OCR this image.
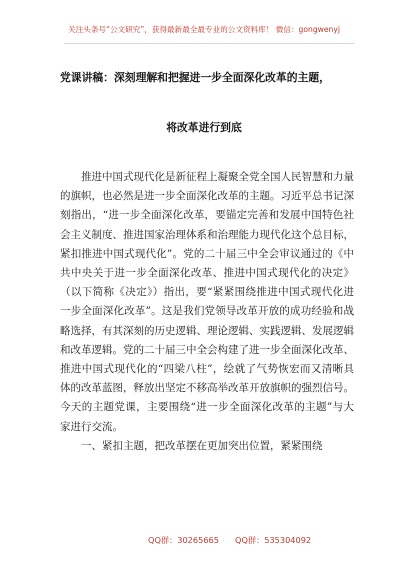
关注头条号“公文研究”，获得最新最全最专业的公文资料库！ 微信：gongwenyj
党课讲稿：深刻理解和把握进一步全面深化改革的主题，
将改革进行到底

推进中国式现代化是新征程上凝聚全党全国人民智慧和力量的旗帜，也必然是进一步全面深化改革的主题。习近平总书记深刻指出，“进一步全面深化改革，要锚定完善和发展中国特色社会主义制度、推进国家治理体系和治理能力现代化这个总目标，紧扣推进中国式现代化”。党的二十届三中全会审议通过的《中共中央关于进一步全面深化改革、推进中国式现代化的决定》（以下简称《决定》）指出，要“紧紧围绕推进中国式现代化进一步全面深化改革”。这是我们党领导改革开放的成功经验和战略选择，有其深刻的历史逻辑、理论逻辑、实践逻辑、发展逻辑和改革逻辑。党的二十届三中全会构建了进一步全面深化改革、推进中国式现代化的“四梁八柱”，绘就了气势恢宏而又清晰具体的改革蓝图，释放出坚定不移高举改革开放旗帜的强烈信号。今天的主题党课，主要围绕“进一步全面深化改革的主题”与大家进行交流。

一、紧扣主题，把改革摆在更加突出位置，紧紧围绕

QQ群：30265665 QQ群：535304092
